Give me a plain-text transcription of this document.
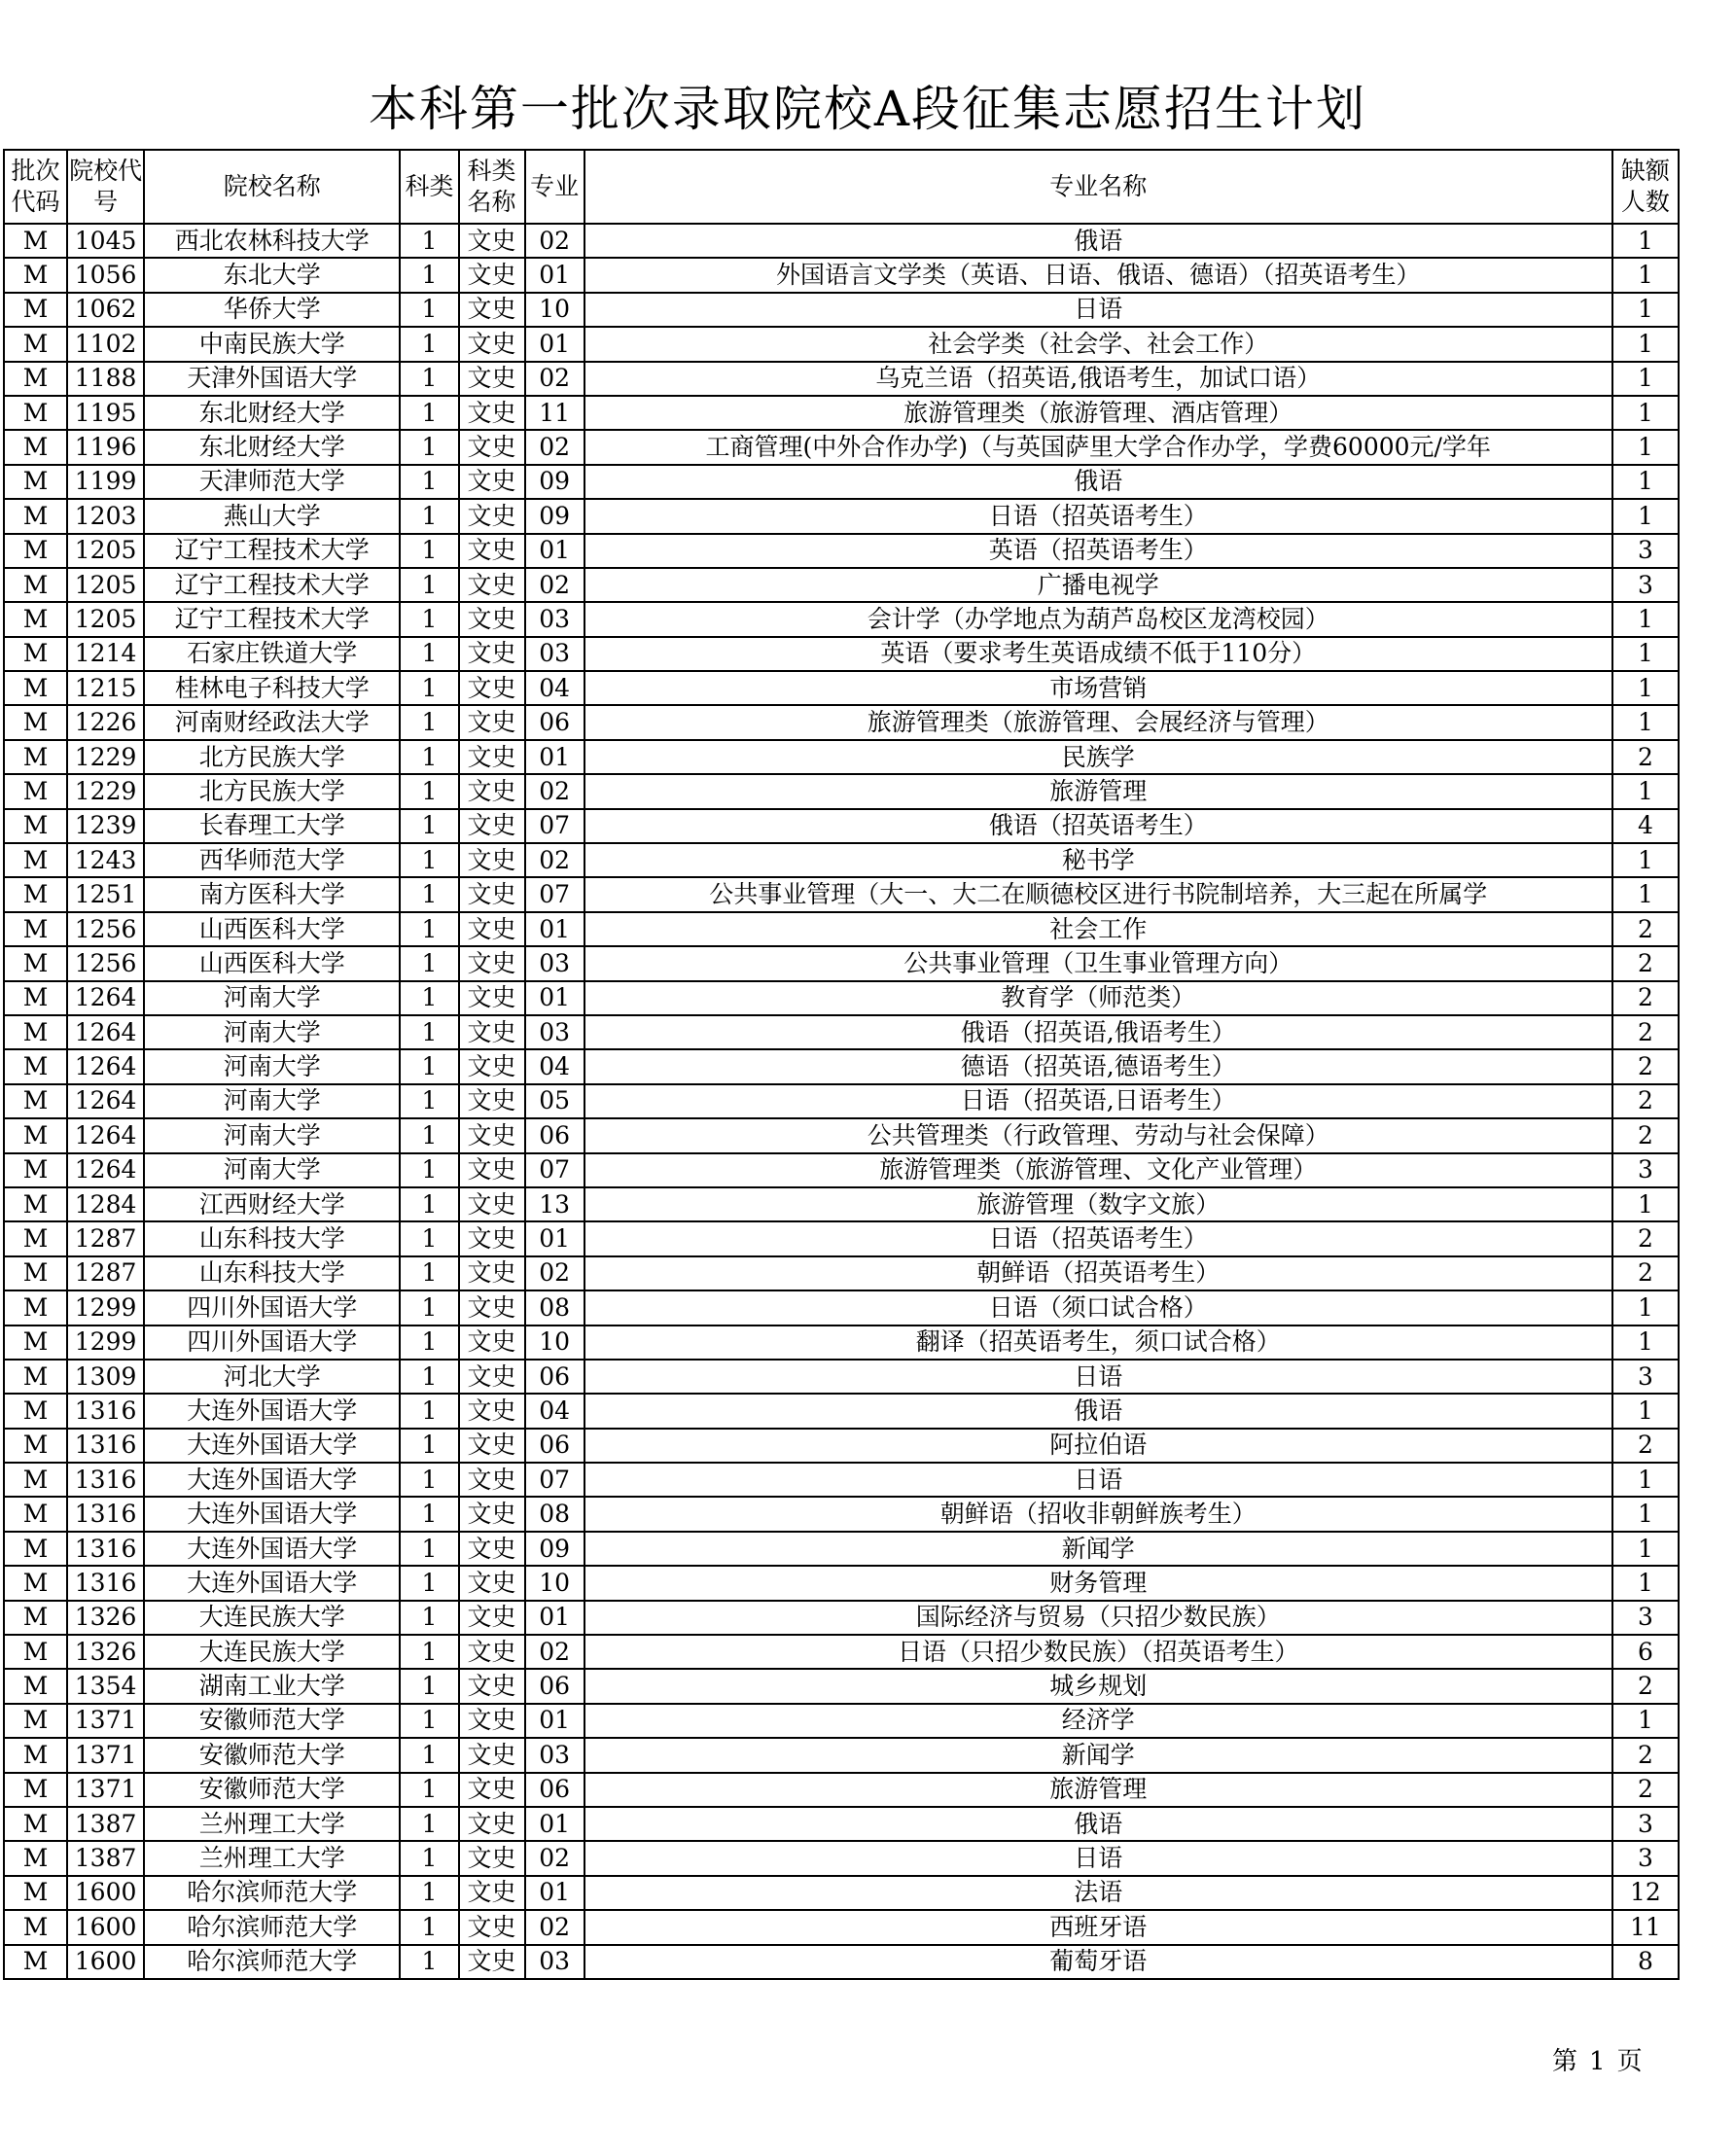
本科第一批次录取院校A段征集志愿招生计划
批次代码	院校代号	院校名称	科类	科类名称	专业	专业名称	缺额人数
M	1045	西北农林科技大学	1	文史	02	俄语	1
M	1056	东北大学	1	文史	01	外国语言文学类（英语、日语、俄语、德语）（招英语考生）	1
M	1062	华侨大学	1	文史	10	日语	1
M	1102	中南民族大学	1	文史	01	社会学类（社会学、社会工作）	1
M	1188	天津外国语大学	1	文史	02	乌克兰语（招英语,俄语考生，加试口语）	1
M	1195	东北财经大学	1	文史	11	旅游管理类（旅游管理、酒店管理）	1
M	1196	东北财经大学	1	文史	02	工商管理(中外合作办学)（与英国萨里大学合作办学，学费60000元/学年	1
M	1199	天津师范大学	1	文史	09	俄语	1
M	1203	燕山大学	1	文史	09	日语（招英语考生）	1
M	1205	辽宁工程技术大学	1	文史	01	英语（招英语考生）	3
M	1205	辽宁工程技术大学	1	文史	02	广播电视学	3
M	1205	辽宁工程技术大学	1	文史	03	会计学（办学地点为葫芦岛校区龙湾校园）	1
M	1214	石家庄铁道大学	1	文史	03	英语（要求考生英语成绩不低于110分）	1
M	1215	桂林电子科技大学	1	文史	04	市场营销	1
M	1226	河南财经政法大学	1	文史	06	旅游管理类（旅游管理、会展经济与管理）	1
M	1229	北方民族大学	1	文史	01	民族学	2
M	1229	北方民族大学	1	文史	02	旅游管理	1
M	1239	长春理工大学	1	文史	07	俄语（招英语考生）	4
M	1243	西华师范大学	1	文史	02	秘书学	1
M	1251	南方医科大学	1	文史	07	公共事业管理（大一、大二在顺德校区进行书院制培养，大三起在所属学	1
M	1256	山西医科大学	1	文史	01	社会工作	2
M	1256	山西医科大学	1	文史	03	公共事业管理（卫生事业管理方向）	2
M	1264	河南大学	1	文史	01	教育学（师范类）	2
M	1264	河南大学	1	文史	03	俄语（招英语,俄语考生）	2
M	1264	河南大学	1	文史	04	德语（招英语,德语考生）	2
M	1264	河南大学	1	文史	05	日语（招英语,日语考生）	2
M	1264	河南大学	1	文史	06	公共管理类（行政管理、劳动与社会保障）	2
M	1264	河南大学	1	文史	07	旅游管理类（旅游管理、文化产业管理）	3
M	1284	江西财经大学	1	文史	13	旅游管理（数字文旅）	1
M	1287	山东科技大学	1	文史	01	日语（招英语考生）	2
M	1287	山东科技大学	1	文史	02	朝鲜语（招英语考生）	2
M	1299	四川外国语大学	1	文史	08	日语（须口试合格）	1
M	1299	四川外国语大学	1	文史	10	翻译（招英语考生，须口试合格）	1
M	1309	河北大学	1	文史	06	日语	3
M	1316	大连外国语大学	1	文史	04	俄语	1
M	1316	大连外国语大学	1	文史	06	阿拉伯语	2
M	1316	大连外国语大学	1	文史	07	日语	1
M	1316	大连外国语大学	1	文史	08	朝鲜语（招收非朝鲜族考生）	1
M	1316	大连外国语大学	1	文史	09	新闻学	1
M	1316	大连外国语大学	1	文史	10	财务管理	1
M	1326	大连民族大学	1	文史	01	国际经济与贸易（只招少数民族）	3
M	1326	大连民族大学	1	文史	02	日语（只招少数民族）（招英语考生）	6
M	1354	湖南工业大学	1	文史	06	城乡规划	2
M	1371	安徽师范大学	1	文史	01	经济学	1
M	1371	安徽师范大学	1	文史	03	新闻学	2
M	1371	安徽师范大学	1	文史	06	旅游管理	2
M	1387	兰州理工大学	1	文史	01	俄语	3
M	1387	兰州理工大学	1	文史	02	日语	3
M	1600	哈尔滨师范大学	1	文史	01	法语	12
M	1600	哈尔滨师范大学	1	文史	02	西班牙语	11
M	1600	哈尔滨师范大学	1	文史	03	葡萄牙语	8
第 1 页
